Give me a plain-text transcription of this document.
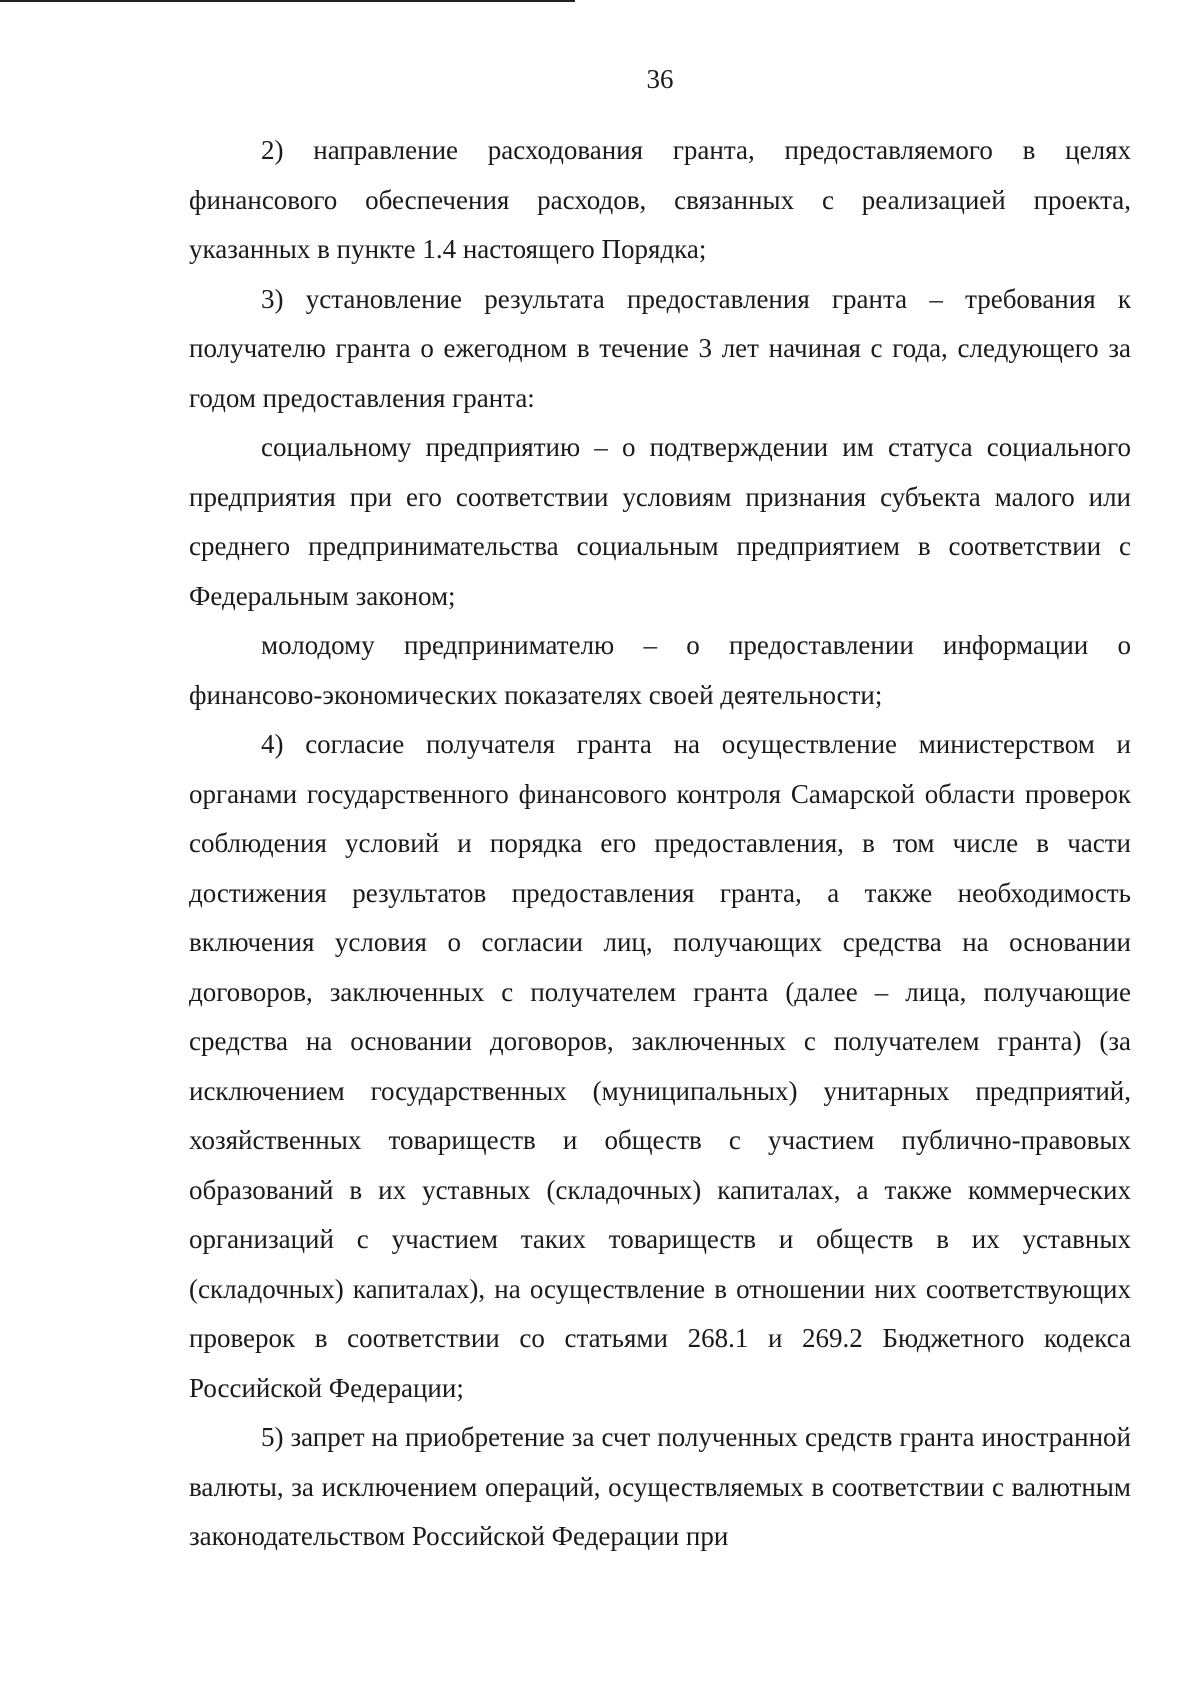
36

2) направление расходования гранта, предоставляемого в целях финансового обеспечения расходов, связанных с реализацией проекта, указанных в пункте 1.4 настоящего Порядка;

3) установление результата предоставления гранта – требования к получателю гранта о ежегодном в течение 3 лет начиная с года, следующего за годом предоставления гранта:

социальному предприятию – о подтверждении им статуса социального предприятия при его соответствии условиям признания субъекта малого или среднего предпринимательства социальным предприятием в соответствии с Федеральным законом;

молодому предпринимателю – о предоставлении информации о финансово-экономических показателях своей деятельности;

4) согласие получателя гранта на осуществление министерством и органами государственного финансового контроля Самарской области проверок соблюдения условий и порядка его предоставления, в том числе в части достижения результатов предоставления гранта, а также необходимость включения условия о согласии лиц, получающих средства на основании договоров, заключенных с получателем гранта (далее – лица, получающие средства на основании договоров, заключенных с получателем гранта) (за исключением государственных (муниципальных) унитарных предприятий, хозяйственных товариществ и обществ с участием публично-правовых образований в их уставных (складочных) капиталах, а также коммерческих организаций с участием таких товариществ и обществ в их уставных (складочных) капиталах), на осуществление в отношении них соответствующих проверок в соответствии со статьями 268.1 и 269.2 Бюджетного кодекса Российской Федерации;

5) запрет на приобретение за счет полученных средств гранта иностранной валюты, за исключением операций, осуществляемых в соответствии с валютным законодательством Российской Федерации при
